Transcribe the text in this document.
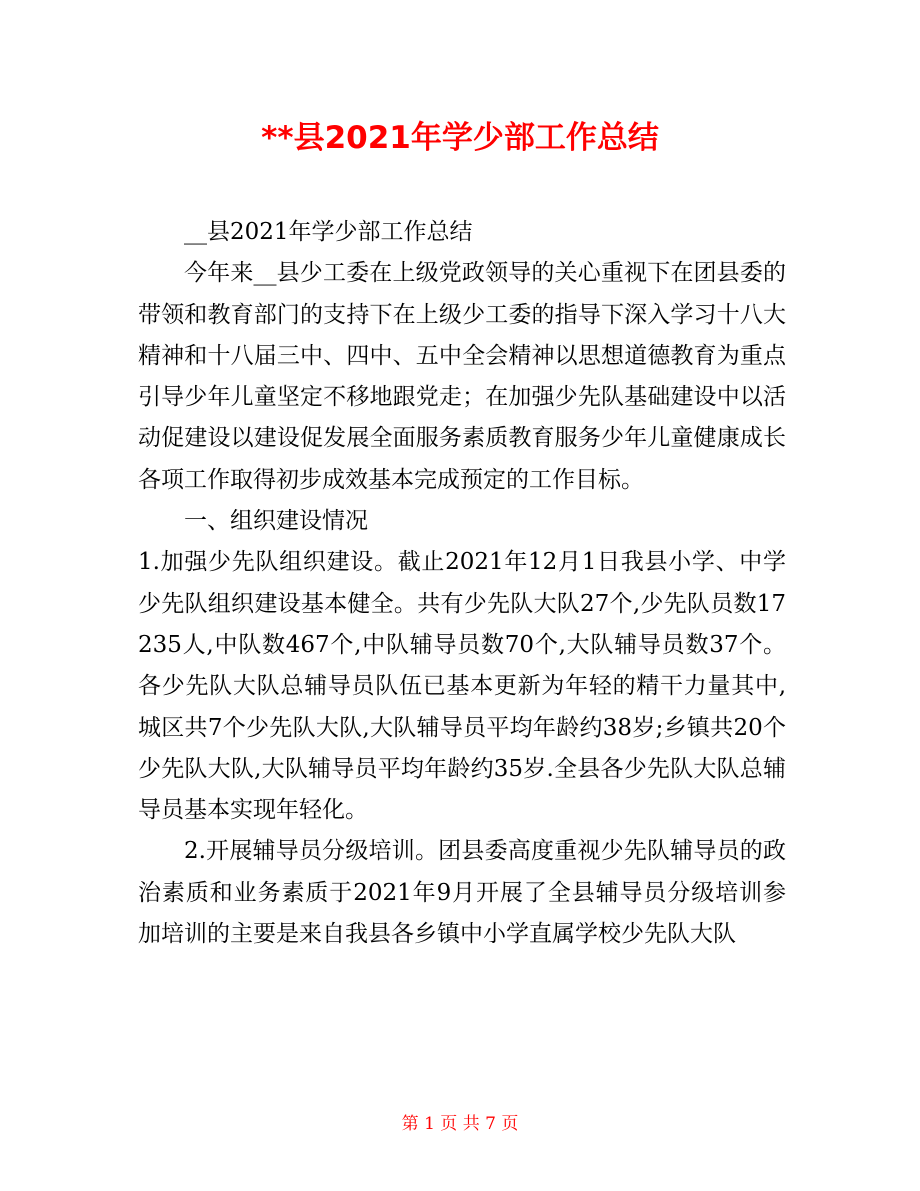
**县2021年学少部工作总结

__县2021年学少部工作总结

今年来__县少工委在上级党政领导的关心重视下在团县委的带领和教育部门的支持下在上级少工委的指导下深入学习十八大精神和十八届三中、四中、五中全会精神以思想道德教育为重点引导少年儿童坚定不移地跟党走；在加强少先队基础建设中以活动促建设以建设促发展全面服务素质教育服务少年儿童健康成长各项工作取得初步成效基本完成预定的工作目标。

一、组织建设情况

1.加强少先队组织建设。截止2021年12月1日我县小学、中学少先队组织建设基本健全。共有少先队大队27个,少先队员数17235人,中队数467个,中队辅导员数70个,大队辅导员数37个。各少先队大队总辅导员队伍已基本更新为年轻的精干力量其中,城区共7个少先队大队,大队辅导员平均年龄约38岁;乡镇共20个少先队大队,大队辅导员平均年龄约35岁.全县各少先队大队总辅导员基本实现年轻化。

2.开展辅导员分级培训。团县委高度重视少先队辅导员的政治素质和业务素质于2021年9月开展了全县辅导员分级培训参加培训的主要是来自我县各乡镇中小学直属学校少先队大队

第 1 页 共 7 页
